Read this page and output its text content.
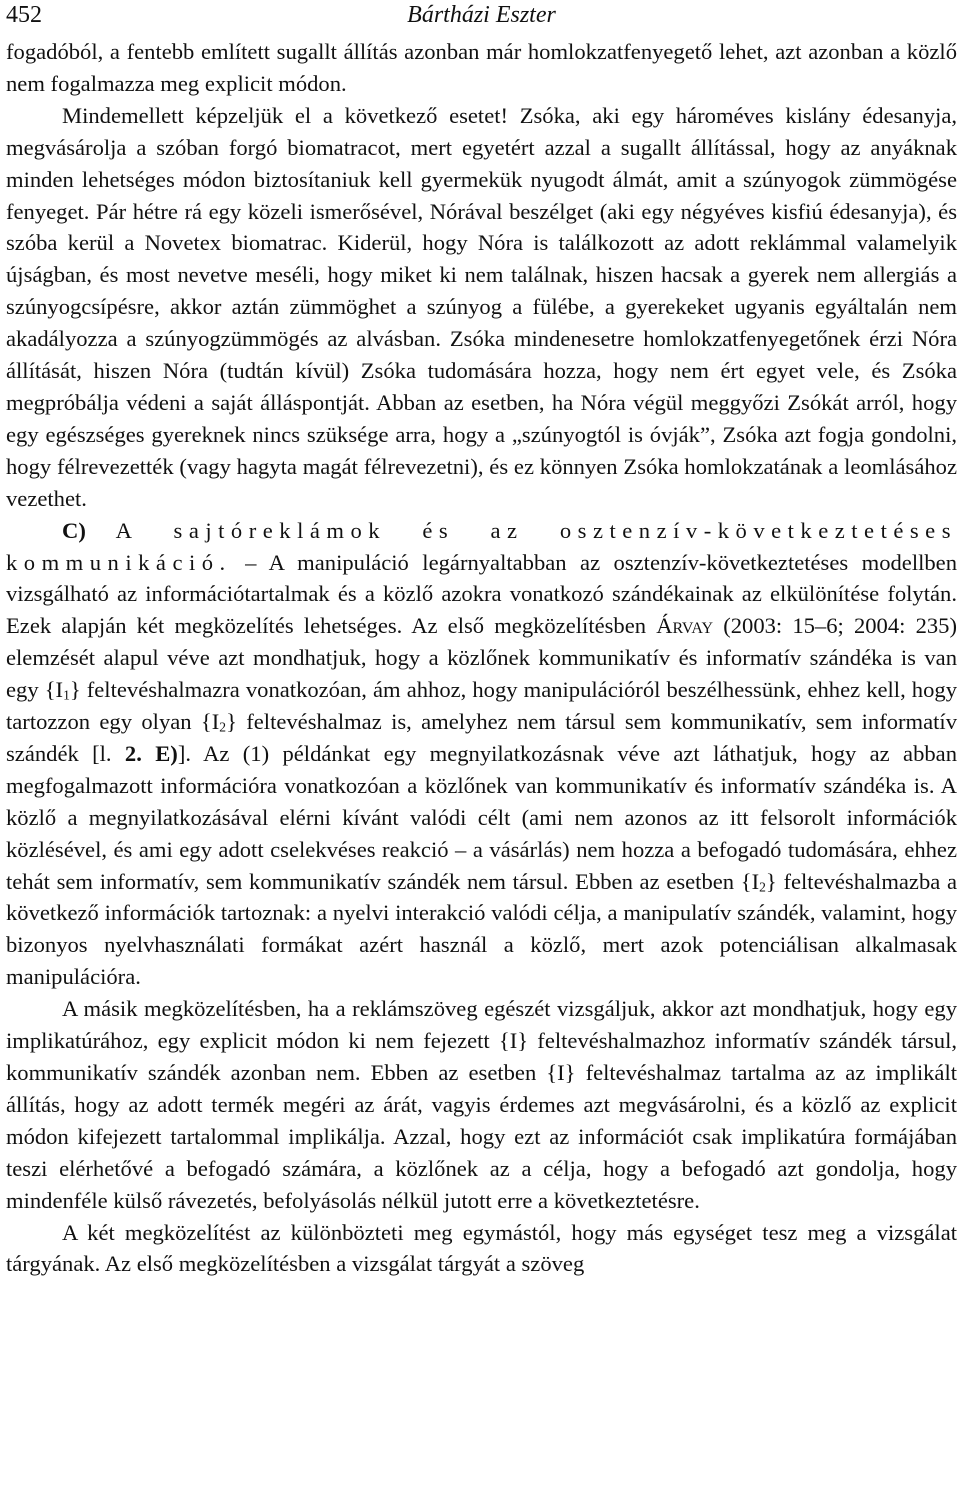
452	Bártházi Eszter

fogadóból, a fentebb említett sugallt állítás azonban már homlokzatfenyegető lehet, azt azonban a közlő nem fogalmazza meg explicit módon.

Mindemellett képzeljük el a következő esetet! Zsóka, aki egy hároméves kislány édesanyja, megvásárolja a szóban forgó biomatracot, mert egyetért azzal a sugallt állítással, hogy az anyáknak minden lehetséges módon biztosítaniuk kell gyermekük nyugodt álmát, amit a szúnyogok zümmögése fenyeget. Pár hétre rá egy közeli ismerősével, Nórával beszélget (aki egy négyéves kisfiú édesanyja), és szóba kerül a Novetex biomatrac. Kiderül, hogy Nóra is találkozott az adott reklámmal valamelyik újságban, és most nevetve meséli, hogy miket ki nem találnak, hiszen hacsak a gyerek nem allergiás a szúnyogcsípésre, akkor aztán zümmöghet a szúnyog a fülébe, a gyerekeket ugyanis egyáltalán nem akadályozza a szúnyogzümmögés az alvásban. Zsóka mindenesetre homlokzatfenyegetőnek érzi Nóra állítását, hiszen Nóra (tudtán kívül) Zsóka tudomására hozza, hogy nem ért egyet vele, és Zsóka megpróbálja védeni a saját álláspontját. Abban az esetben, ha Nóra végül meggyőzi Zsókát arról, hogy egy egészséges gyereknek nincs szüksége arra, hogy a „szúnyogtól is óvják”, Zsóka azt fogja gondolni, hogy félrevezették (vagy hagyta magát félrevezetni), és ez könnyen Zsóka homlokzatának a leomlásához vezethet.

C) A sajtóreklámok és az osztenzív-következtetéses kommunikáció. – A manipuláció legárnyaltabban az osztenzív-következtetéses modellben vizsgálható az információtartalmak és a közlő azokra vonatkozó szándékainak az elkülönítése folytán. Ezek alapján két megközelítés lehetséges. Az első megközelítésben Árvay (2003: 15–6; 2004: 235) elemzését alapul véve azt mondhatjuk, hogy a közlőnek kommunikatív és informatív szándéka is van egy $\{I_1\}$ feltevéshalmazra vonatkozóan, ám ahhoz, hogy manipulációról beszélhessünk, ehhez kell, hogy tartozzon egy olyan $\{I_2\}$ feltevéshalmaz is, amelyhez nem társul sem kommunikatív, sem informatív szándék [l. 2. E)]. Az (1) példánkat egy megnyilatkozásnak véve azt láthatjuk, hogy az abban megfogalmazott információra vonatkozóan a közlőnek van kommunikatív és informatív szándéka is. A közlő a megnyilatkozásával elérni kívánt valódi célt (ami nem azonos az itt felsorolt információk közlésével, és ami egy adott cselekvéses reakció – a vásárlás) nem hozza a befogadó tudomására, ehhez tehát sem informatív, sem kommunikatív szándék nem társul. Ebben az esetben $\{I_2\}$ feltevéshalmazba a következő információk tartoznak: a nyelvi interakció valódi célja, a manipulatív szándék, valamint, hogy bizonyos nyelvhasználati formákat azért használ a közlő, mert azok potenciálisan alkalmasak manipulációra.

A másik megközelítésben, ha a reklámszöveg egészét vizsgáljuk, akkor azt mondhatjuk, hogy egy implikatúrához, egy explicit módon ki nem fejezett {I} feltevéshalmazhoz informatív szándék társul, kommunikatív szándék azonban nem. Ebben az esetben {I} feltevéshalmaz tartalma az az implikált állítás, hogy az adott termék megéri az árát, vagyis érdemes azt megvásárolni, és a közlő az explicit módon kifejezett tartalommal implikálja. Azzal, hogy ezt az információt csak implikatúra formájában teszi elérhetővé a befogadó számára, a közlőnek az a célja, hogy a befogadó azt gondolja, hogy mindenféle külső rávezetés, befolyásolás nélkül jutott erre a következtetésre.

A két megközelítést az különbözteti meg egymástól, hogy más egységet tesz meg a vizsgálat tárgyának. Az első megközelítésben a vizsgálat tárgyát a szöveg
